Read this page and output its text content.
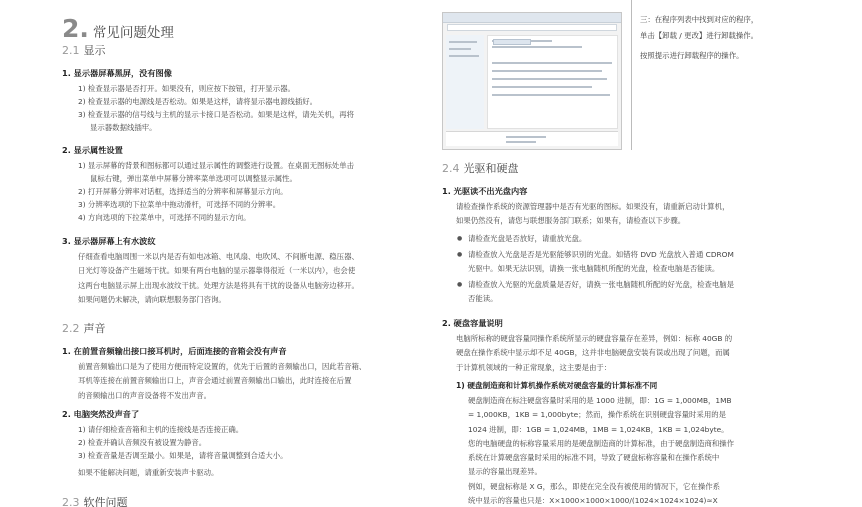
2. 常见问题处理
2.1 显示
1. 显示器屏幕黑屏，没有图像
1) 检查显示器是否打开。如果没有，则应按下按钮，打开显示器。
2) 检查显示器的电源线是否松动。如果是这样，请将显示器电源线插好。
3) 检查显示器的信号线与主机的显示卡接口是否松动。如果是这样，请先关机，再将
显示器数据线插牢。
2. 显示属性设置
1) 显示屏幕的背景和图标都可以通过显示属性的调整进行设置。在桌面无图标处单击
鼠标右键，弹出菜单中屏幕分辨率菜单选项可以调整显示属性。
2) 打开屏幕分辨率对话框，选择适当的分辨率和屏幕显示方向。
3) 分辨率选项的下拉菜单中拖动滑杆，可选择不同的分辨率。
4) 方向选项的下拉菜单中，可选择不同的显示方向。
3. 显示器屏幕上有水波纹
仔细查看电脑周围一米以内是否有如电冰箱、电风扇、电吹风、不间断电源、稳压器、
日光灯等设备产生磁场干扰。如果有两台电脑的显示器靠得很近（一米以内），也会使
这两台电脑显示屏上出现水波纹干扰。处理方法是将具有干扰的设备从电脑旁边移开。
如果问题仍未解决，请向联想服务部门咨询。
2.2 声音
1. 在前置音频输出接口接耳机时，后面连接的音箱会没有声音
前置音频输出口是为了使用方便而特定设置的，优先于后置的音频输出口，因此若音箱、
耳机等连接在前置音频输出口上，声音会通过前置音频输出口输出，此时连接在后置
的音频输出口的声音设备将不发出声音。
2. 电脑突然没声音了
1) 请仔细检查音箱和主机的连接线是否连接正确。
2) 检查并确认音频没有被设置为静音。
3) 检查音量是否调至最小。如果是，请将音量调整到合适大小。
如果不能解决问题，请重新安装声卡驱动。
2.3 软件问题
三：在程序列表中找到对应的程序，
单击【卸载 / 更改】进行卸载操作。
按照提示进行卸载程序的操作。
2.4 光驱和硬盘
1. 光驱读不出光盘内容
请检查操作系统的资源管理器中是否有光驱的图标。如果没有，请重新启动计算机，
如果仍然没有，请您与联想服务部门联系；如果有，请检查以下步骤。
● 请检查光盘是否放好，请重放光盘。
● 请检查放入光盘是否是光驱能够识别的光盘。如错将 DVD 光盘放入普通 CDROM
光驱中。如果无法识别，请换一张电脑随机所配的光盘，检查电脑是否能读。
● 请检查放入光驱的光盘质量是否好，请换一张电脑随机所配的好光盘，检查电脑是
否能读。
2. 硬盘容量说明
电脑所标称的硬盘容量同操作系统所显示的硬盘容量存在差异，例如：标称 40GB 的
硬盘在操作系统中显示却不足 40GB，这并非电脑硬盘安装有误或出现了问题，而属
于计算机领域的一种正常现象，这主要是由于：
1) 硬盘制造商和计算机操作系统对硬盘容量的计算标准不同
硬盘制造商在标注硬盘容量时采用的是 1000 进制，即：1G = 1,000MB，1MB
= 1,000KB，1KB = 1,000byte；然而，操作系统在识别硬盘容量时采用的是
1024 进制，即：1GB = 1,024MB，1MB = 1,024KB，1KB = 1,024byte。
您的电脑硬盘的标称容量采用的是硬盘制造商的计算标准，由于硬盘制造商和操作
系统在计算硬盘容量时采用的标准不同，导致了硬盘标称容量和在操作系统中
显示的容量出现差异。
例如，硬盘标称是 X G，那么，即使在完全没有被使用的情况下，它在操作系
统中显示的容量也只是：X×1000×1000×1000/(1024×1024×1024)≈X
